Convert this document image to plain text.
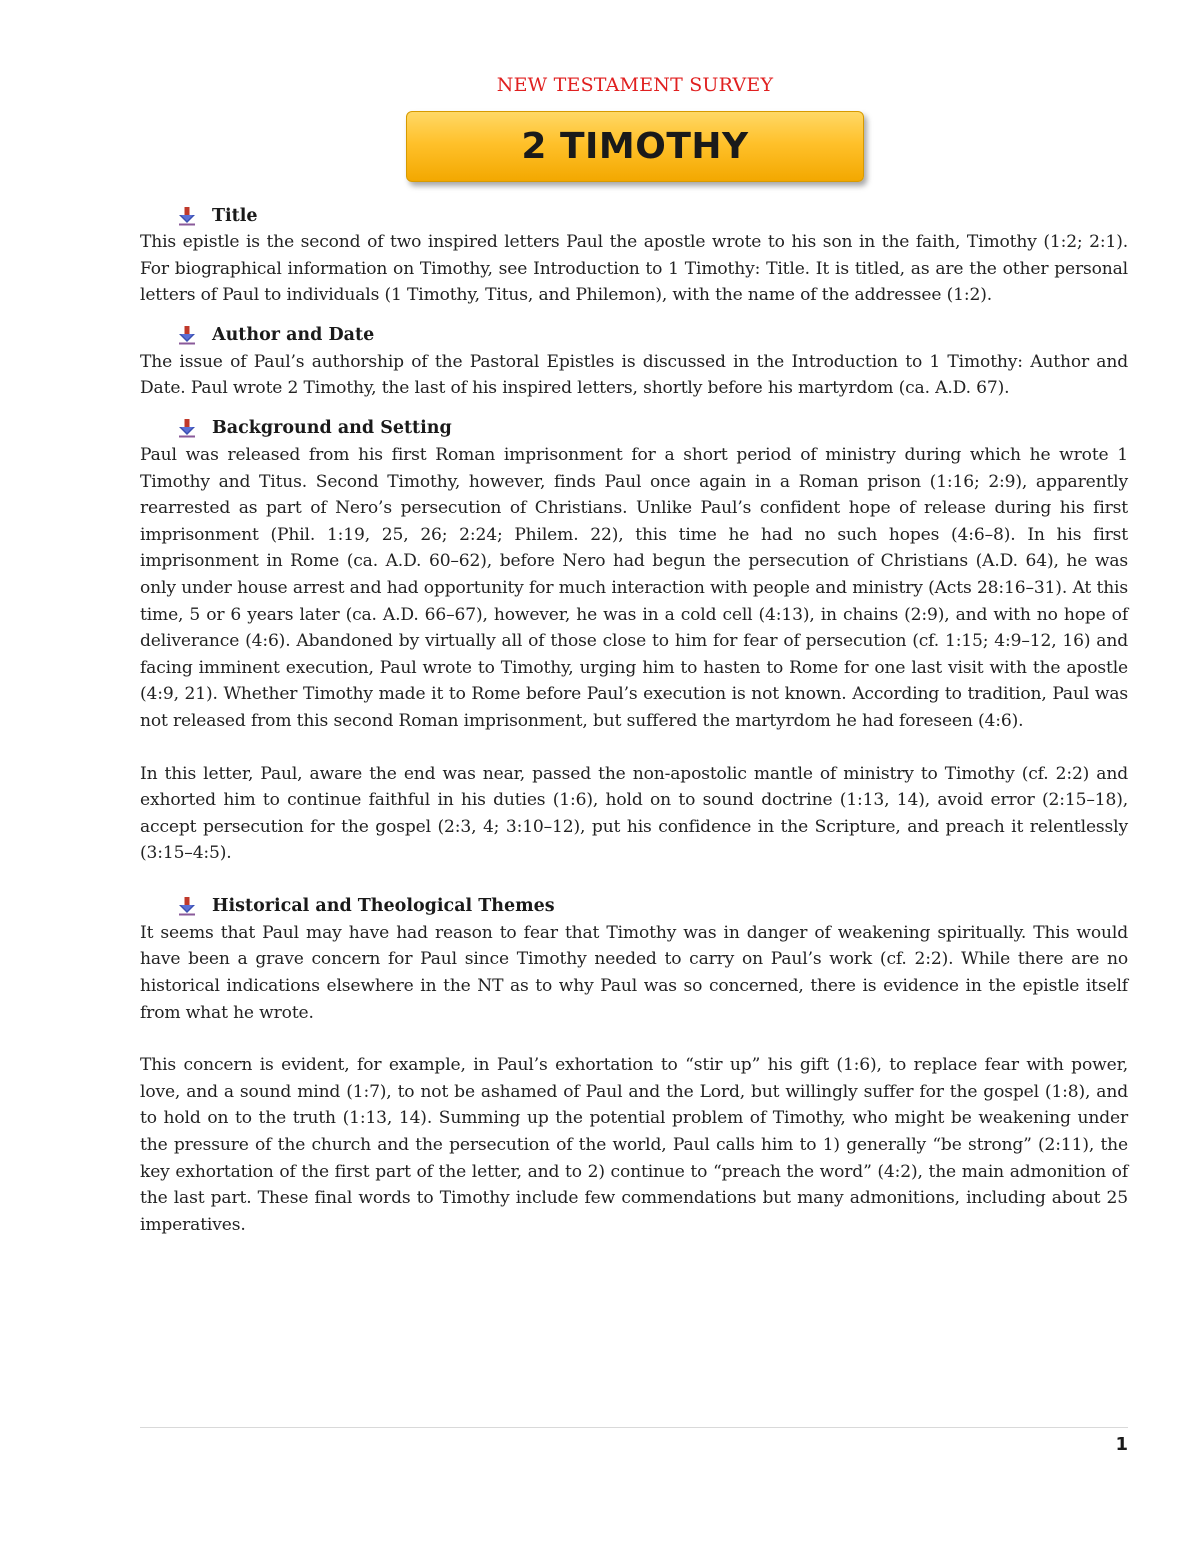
NEW TESTAMENT SURVEY
2 TIMOTHY
Title

This epistle is the second of two inspired letters Paul the apostle wrote to his son in the faith, Timothy (1:2; 2:1). For biographical information on Timothy, see Introduction to 1 Timothy: Title. It is titled, as are the other personal letters of Paul to individuals (1 Timothy, Titus, and Philemon), with the name of the addressee (1:2).

Author and Date

The issue of Paul’s authorship of the Pastoral Epistles is discussed in the Introduction to 1 Timothy: Author and Date. Paul wrote 2 Timothy, the last of his inspired letters, shortly before his martyrdom (ca. A.D. 67).

Background and Setting

Paul was released from his first Roman imprisonment for a short period of ministry during which he wrote 1 Timothy and Titus. Second Timothy, however, finds Paul once again in a Roman prison (1:16; 2:9), apparently rearrested as part of Nero’s persecution of Christians. Unlike Paul’s confident hope of release during his first imprisonment (Phil. 1:19, 25, 26; 2:24; Philem. 22), this time he had no such hopes (4:6–8). In his first imprisonment in Rome (ca. A.D. 60–62), before Nero had begun the persecution of Christians (A.D. 64), he was only under house arrest and had opportunity for much interaction with people and ministry (Acts 28:16–31). At this time, 5 or 6 years later (ca. A.D. 66–67), however, he was in a cold cell (4:13), in chains (2:9), and with no hope of deliverance (4:6). Abandoned by virtually all of those close to him for fear of persecution (cf. 1:15; 4:9–12, 16) and facing imminent execution, Paul wrote to Timothy, urging him to hasten to Rome for one last visit with the apostle (4:9, 21). Whether Timothy made it to Rome before Paul’s execution is not known. According to tradition, Paul was not released from this second Roman imprisonment, but suffered the martyrdom he had foreseen (4:6).

In this letter, Paul, aware the end was near, passed the non-apostolic mantle of ministry to Timothy (cf. 2:2) and exhorted him to continue faithful in his duties (1:6), hold on to sound doctrine (1:13, 14), avoid error (2:15–18), accept persecution for the gospel (2:3, 4; 3:10–12), put his confidence in the Scripture, and preach it relentlessly (3:15–4:5).

Historical and Theological Themes

It seems that Paul may have had reason to fear that Timothy was in danger of weakening spiritually. This would have been a grave concern for Paul since Timothy needed to carry on Paul’s work (cf. 2:2). While there are no historical indications elsewhere in the NT as to why Paul was so concerned, there is evidence in the epistle itself from what he wrote.

This concern is evident, for example, in Paul’s exhortation to “stir up” his gift (1:6), to replace fear with power, love, and a sound mind (1:7), to not be ashamed of Paul and the Lord, but willingly suffer for the gospel (1:8), and to hold on to the truth (1:13, 14). Summing up the potential problem of Timothy, who might be weakening under the pressure of the church and the persecution of the world, Paul calls him to 1) generally “be strong” (2:11), the key exhortation of the first part of the letter, and to 2) continue to “preach the word” (4:2), the main admonition of the last part. These final words to Timothy include few commendations but many admonitions, including about 25 imperatives.

1
